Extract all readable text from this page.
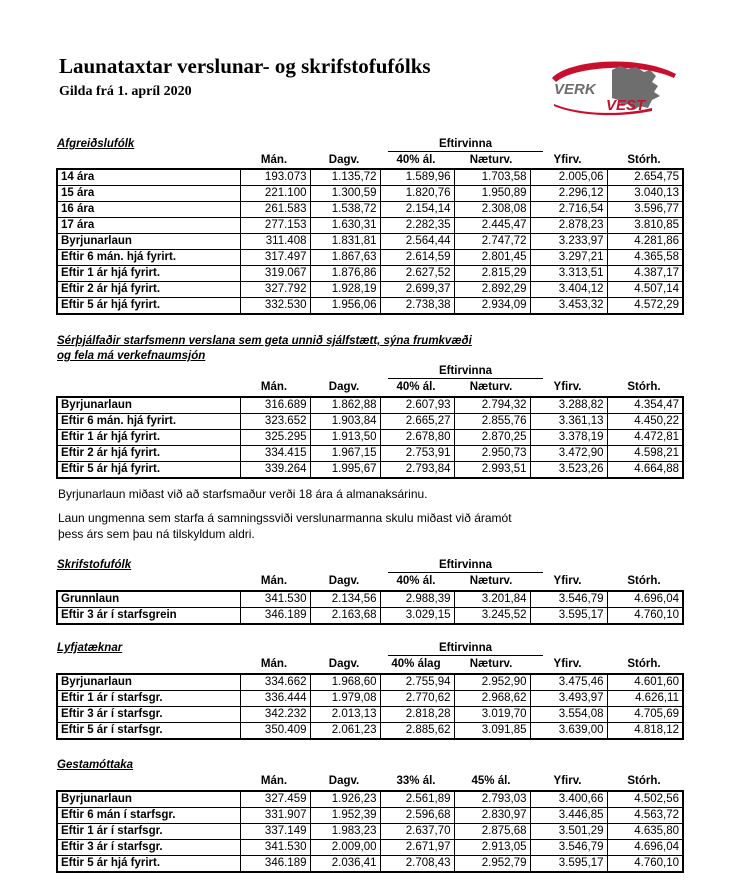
Launataxtar verslunar- og skrifstofufólks
Gilda frá 1. apríl 2020	VERK
VEST
Afgreiðslufólk	Eftirvinna
Mán.	Dagv.	40% ál.	Næturv.	Yfirv.	Stórh.
14 ára	193.073	1.135,72	1.589,96	1.703,58	2.005,06	2.654,75
15 ára	221.100	1.300,59	1.820,76	1.950,89	2.296,12	3.040,13
16 ára	261.583	1.538,72	2.154,14	2.308,08	2.716,54	3.596,77
17 ára	277.153	1.630,31	2.282,35	2.445,47	2.878,23	3.810,85
Byrjunarlaun	311.408	1.831,81	2.564,44	2.747,72	3.233,97	4.281,86
Eftir 6 mán. hjá fyrirt.	317.497	1.867,63	2.614,59	2.801,45	3.297,21	4.365,58
Eftir 1 ár hjá fyrirt.	319.067	1.876,86	2.627,52	2.815,29	3.313,51	4.387,17
Eftir 2 ár hjá fyrirt.	327.792	1.928,19	2.699,37	2.892,29	3.404,12	4.507,14
Eftir 5 ár hjá fyrirt.	332.530	1.956,06	2.738,38	2.934,09	3.453,32	4.572,29
Sérþjálfaðir starfsmenn verslana sem geta unnið sjálfstætt, sýna frumkvæði
og fela má verkefnaumsjón
Eftirvinna
Mán.	Dagv.	40% ál.	Næturv.	Yfirv.	Stórh.
Byrjunarlaun	316.689	1.862,88	2.607,93	2.794,32	3.288,82	4.354,47
Eftir 6 mán. hjá fyrirt.	323.652	1.903,84	2.665,27	2.855,76	3.361,13	4.450,22
Eftir 1 ár hjá fyrirt.	325.295	1.913,50	2.678,80	2.870,25	3.378,19	4.472,81
Eftir 2 ár hjá fyrirt.	334.415	1.967,15	2.753,91	2.950,73	3.472,90	4.598,21
Eftir 5 ár hjá fyrirt.	339.264	1.995,67	2.793,84	2.993,51	3.523,26	4.664,88
Byrjunarlaun miðast við að starfsmaður verði 18 ára á almanaksárinu.
Laun ungmenna sem starfa á samningssviði verslunarmanna skulu miðast við áramót
þess árs sem þau ná tilskyldum aldri.
Skrifstofufólk	Eftirvinna
Mán.	Dagv.	40% ál.	Næturv.	Yfirv.	Stórh.
Grunnlaun	341.530	2.134,56	2.988,39	3.201,84	3.546,79	4.696,04
Eftir 3 ár í starfsgrein	346.189	2.163,68	3.029,15	3.245,52	3.595,17	4.760,10
Lyfjatæknar	Eftirvinna
Mán.	Dagv.	40% álag	Næturv.	Yfirv.	Stórh.
Byrjunarlaun	334.662	1.968,60	2.755,94	2.952,90	3.475,46	4.601,60
Eftir 1 ár í starfsgr.	336.444	1.979,08	2.770,62	2.968,62	3.493,97	4.626,11
Eftir 3 ár í starfsgr.	342.232	2.013,13	2.818,28	3.019,70	3.554,08	4.705,69
Eftir 5 ár í starfsgr.	350.409	2.061,23	2.885,62	3.091,85	3.639,00	4.818,12
Gestamóttaka
Mán.	Dagv.	33% ál.	45% ál.	Yfirv.	Stórh.
Byrjunarlaun	327.459	1.926,23	2.561,89	2.793,03	3.400,66	4.502,56
Eftir 6 mán í starfsgr.	331.907	1.952,39	2.596,68	2.830,97	3.446,85	4.563,72
Eftir 1 ár í starfsgr.	337.149	1.983,23	2.637,70	2.875,68	3.501,29	4.635,80
Eftir 3 ár í starfsgr.	341.530	2.009,00	2.671,97	2.913,05	3.546,79	4.696,04
Eftir 5 ár hjá fyrirt.	346.189	2.036,41	2.708,43	2.952,79	3.595,17	4.760,10
